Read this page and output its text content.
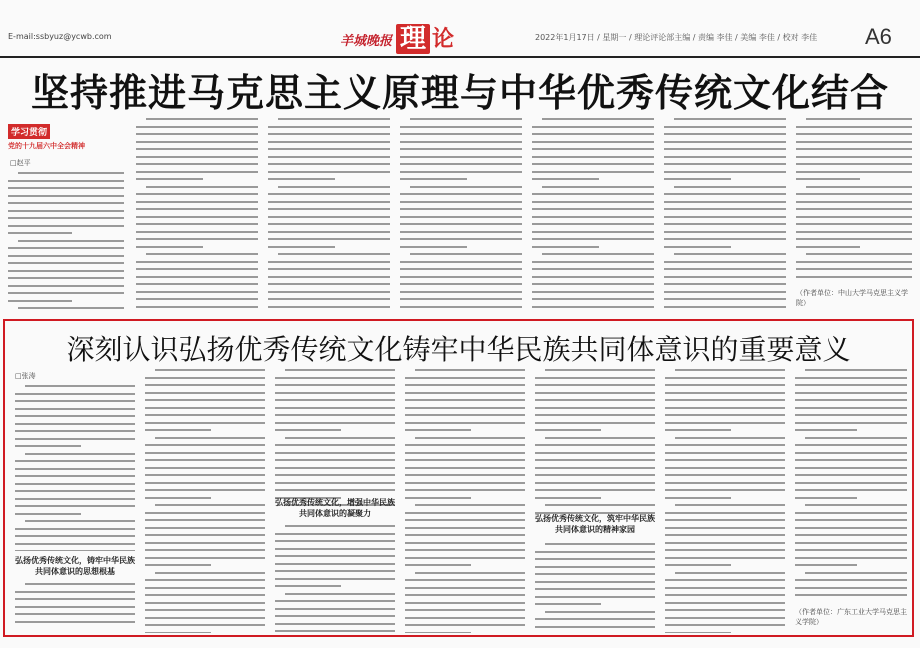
E-mail:ssbyuz@ycwb.com	羊城晚报 理 论	2022年1月17日 / 星期一 / 理论评论部主编 / 责编 李佳 / 美编 李佳 / 校对 李佳 A6
坚持推进马克思主义原理与中华优秀传统文化结合
学习贯彻
党的十九届六中全会精神
□赵平
（作者单位：中山大学马克思主义学院）
深刻认识弘扬优秀传统文化铸牢中华民族共同体意识的重要意义
□张涛
弘扬优秀传统文化，铸牢中华民族共同体意识的思想根基
弘扬优秀传统文化，增强中华民族共同体意识的凝聚力
弘扬优秀传统文化，筑牢中华民族共同体意识的精神家园
（作者单位：广东工业大学马克思主义学院）
